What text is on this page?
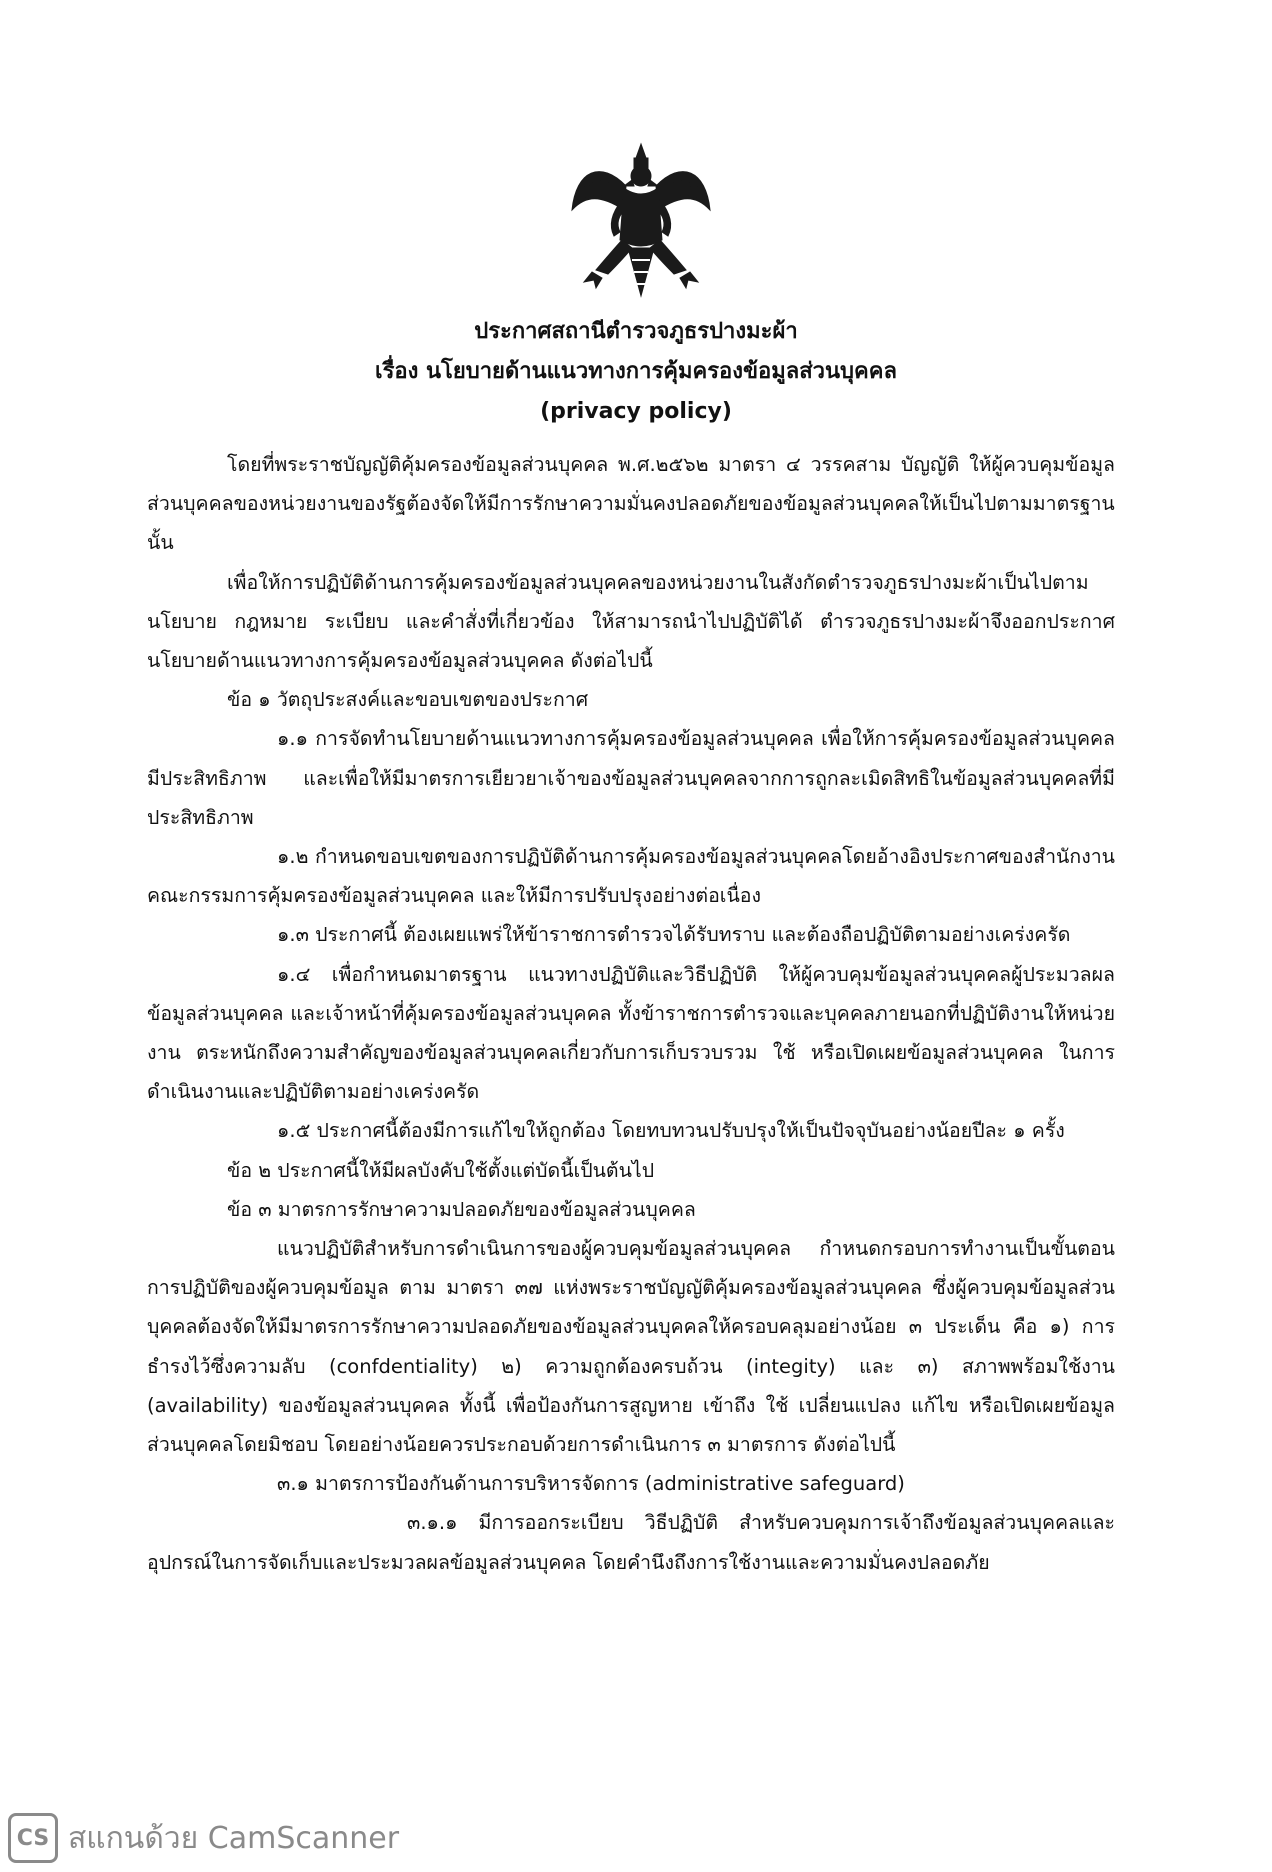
ประกาศสถานีตำรวจภูธรปางมะผ้า
เรื่อง นโยบายด้านแนวทางการคุ้มครองข้อมูลส่วนบุคคล
(privacy policy)

โดยที่พระราชบัญญัติคุ้มครองข้อมูลส่วนบุคคล พ.ศ.๒๕๖๒ มาตรา ๔ วรรคสาม บัญญัติ ให้ผู้ควบคุมข้อมูลส่วนบุคคลของหน่วยงานของรัฐต้องจัดให้มีการรักษาความมั่นคงปลอดภัยของข้อมูลส่วนบุคคลให้เป็นไปตามมาตรฐาน นั้น

เพื่อให้การปฏิบัติด้านการคุ้มครองข้อมูลส่วนบุคคลของหน่วยงานในสังกัดตำรวจภูธรปางมะผ้าเป็นไปตามนโยบาย กฎหมาย ระเบียบ และคำสั่งที่เกี่ยวข้อง ให้สามารถนำไปปฏิบัติได้ ตำรวจภูธรปางมะผ้าจึงออกประกาศนโยบายด้านแนวทางการคุ้มครองข้อมูลส่วนบุคคล ดังต่อไปนี้

ข้อ ๑ วัตถุประสงค์และขอบเขตของประกาศ

๑.๑ การจัดทำนโยบายด้านแนวทางการคุ้มครองข้อมูลส่วนบุคคล เพื่อให้การคุ้มครองข้อมูลส่วนบุคคลมีประสิทธิภาพ และเพื่อให้มีมาตรการเยียวยาเจ้าของข้อมูลส่วนบุคคลจากการถูกละเมิดสิทธิในข้อมูลส่วนบุคคลที่มีประสิทธิภาพ

๑.๒ กำหนดขอบเขตของการปฏิบัติด้านการคุ้มครองข้อมูลส่วนบุคคลโดยอ้างอิงประกาศของสำนักงานคณะกรรมการคุ้มครองข้อมูลส่วนบุคคล และให้มีการปรับปรุงอย่างต่อเนื่อง

๑.๓ ประกาศนี้ ต้องเผยแพร่ให้ข้าราชการตำรวจได้รับทราบ และต้องถือปฏิบัติตามอย่างเคร่งครัด

๑.๔ เพื่อกำหนดมาตรฐาน แนวทางปฏิบัติและวิธีปฏิบัติ ให้ผู้ควบคุมข้อมูลส่วนบุคคลผู้ประมวลผลข้อมูลส่วนบุคคล และเจ้าหน้าที่คุ้มครองข้อมูลส่วนบุคคล ทั้งข้าราชการตำรวจและบุคคลภายนอกที่ปฏิบัติงานให้หน่วยงาน ตระหนักถึงความสำคัญของข้อมูลส่วนบุคคลเกี่ยวกับการเก็บรวบรวม ใช้ หรือเปิดเผยข้อมูลส่วนบุคคล ในการดำเนินงานและปฏิบัติตามอย่างเคร่งครัด

๑.๕ ประกาศนี้ต้องมีการแก้ไขให้ถูกต้อง โดยทบทวนปรับปรุงให้เป็นปัจจุบันอย่างน้อยปีละ ๑ ครั้ง

ข้อ ๒ ประกาศนี้ให้มีผลบังคับใช้ตั้งแต่บัดนี้เป็นต้นไป

ข้อ ๓ มาตรการรักษาความปลอดภัยของข้อมูลส่วนบุคคล

แนวปฏิบัติสำหรับการดำเนินการของผู้ควบคุมข้อมูลส่วนบุคคล กำหนดกรอบการทำงานเป็นขั้นตอนการปฏิบัติของผู้ควบคุมข้อมูล ตาม มาตรา ๓๗ แห่งพระราชบัญญัติคุ้มครองข้อมูลส่วนบุคคล ซึ่งผู้ควบคุมข้อมูลส่วนบุคคลต้องจัดให้มีมาตรการรักษาความปลอดภัยของข้อมูลส่วนบุคคลให้ครอบคลุมอย่างน้อย ๓ ประเด็น คือ ๑) การธำรงไว้ซึ่งความลับ (confdentiality) ๒) ความถูกต้องครบถ้วน (integity) และ ๓) สภาพพร้อมใช้งาน (availability) ของข้อมูลส่วนบุคคล ทั้งนี้ เพื่อป้องกันการสูญหาย เข้าถึง ใช้ เปลี่ยนแปลง แก้ไข หรือเปิดเผยข้อมูลส่วนบุคคลโดยมิชอบ โดยอย่างน้อยควรประกอบด้วยการดำเนินการ ๓ มาตรการ ดังต่อไปนี้

๓.๑ มาตรการป้องกันด้านการบริหารจัดการ (administrative safeguard)

๓.๑.๑ มีการออกระเบียบ วิธีปฏิบัติ สำหรับควบคุมการเจ้าถึงข้อมูลส่วนบุคคลและอุปกรณ์ในการจัดเก็บและประมวลผลข้อมูลส่วนบุคคล โดยคำนึงถึงการใช้งานและความมั่นคงปลอดภัย

CS สแกนด้วย CamScanner
